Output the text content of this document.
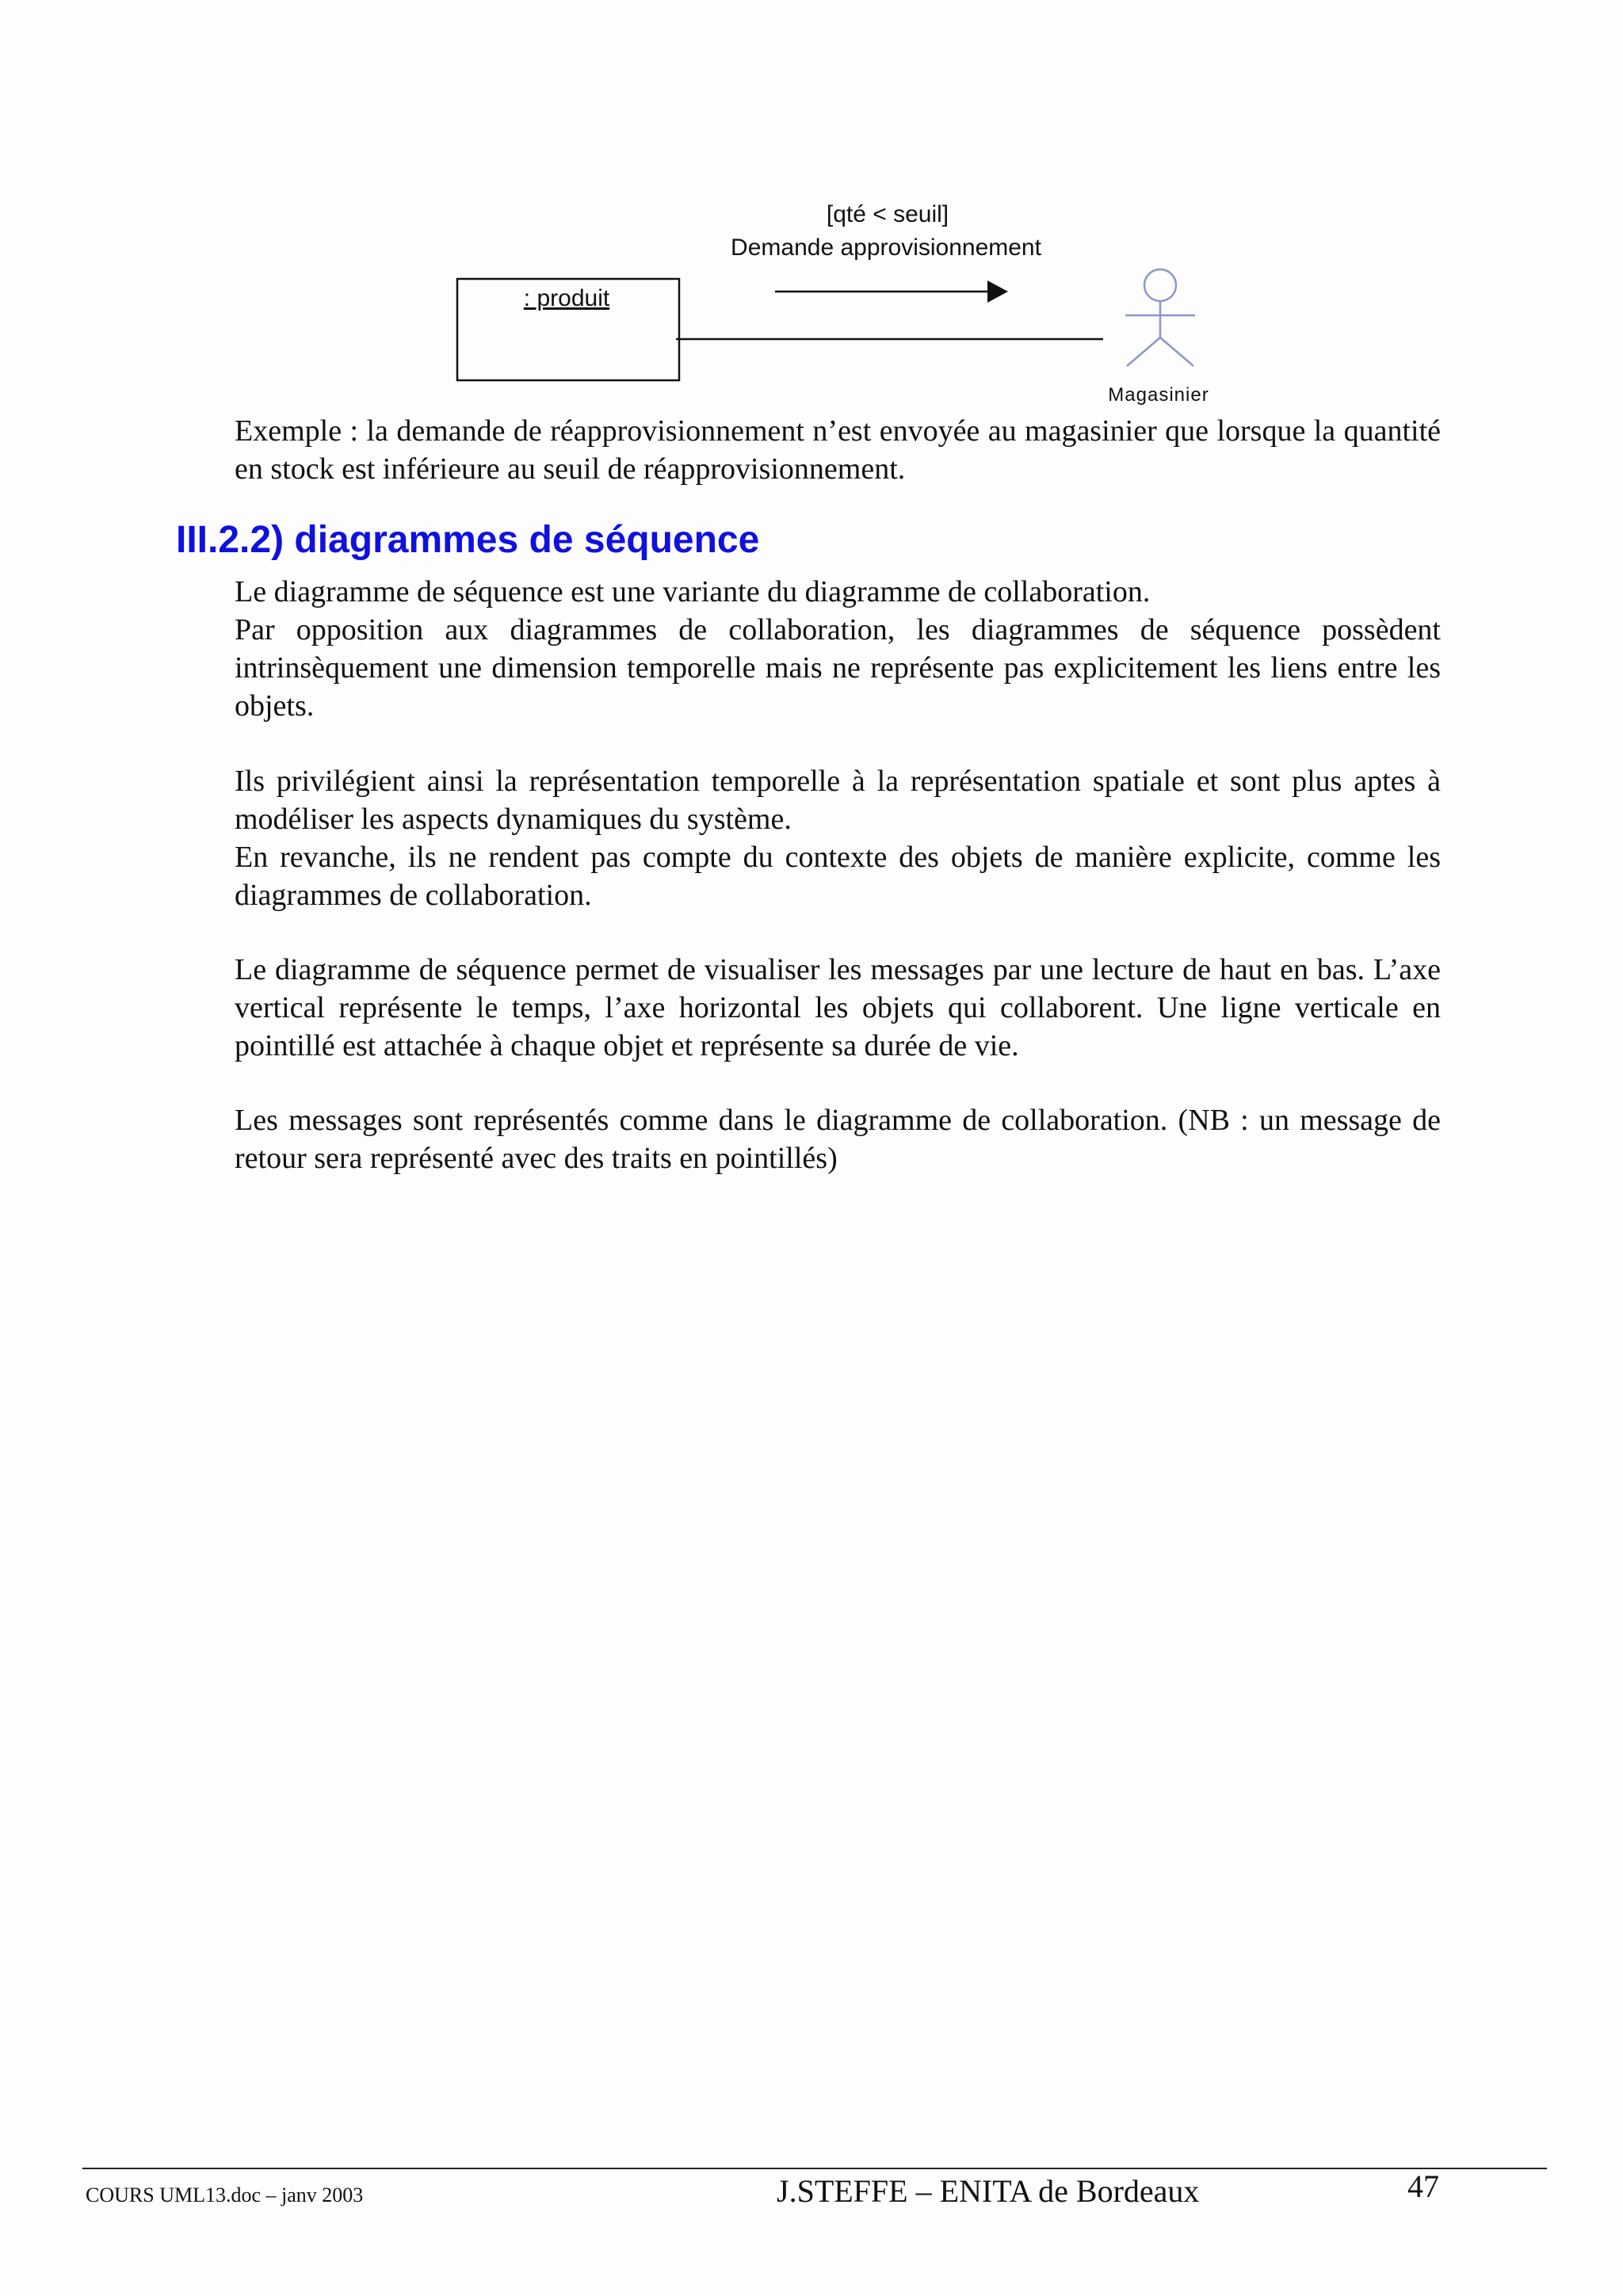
[qté < seuil]
Demande approvisionnement
: produit
Magasinier

Exemple : la demande de réapprovisionnement n’est envoyée au magasinier que lorsque la quantité en stock est inférieure au seuil de réapprovisionnement.

III.2.2) diagrammes de séquence

Le diagramme de séquence est une variante du diagramme de collaboration.

Par opposition aux diagrammes de collaboration, les diagrammes de séquence possèdent intrinsèquement une dimension temporelle mais ne représente pas explicitement les liens entre les objets.

Ils privilégient ainsi la représentation temporelle à la représentation spatiale et sont plus aptes à modéliser les aspects dynamiques du système.

En revanche, ils ne rendent pas compte du contexte des objets de manière explicite, comme les diagrammes de collaboration.

Le diagramme de séquence permet de visualiser les messages par une lecture de haut en bas. L’axe vertical représente le temps, l’axe horizontal les objets qui collaborent. Une ligne verticale en pointillé est attachée à chaque objet et représente sa durée de vie.

Les messages sont représentés comme dans le diagramme de collaboration. (NB : un message de retour sera représenté avec des traits en pointillés)

COURS UML13.doc – janv 2003	J.STEFFE – ENITA de Bordeaux	47
